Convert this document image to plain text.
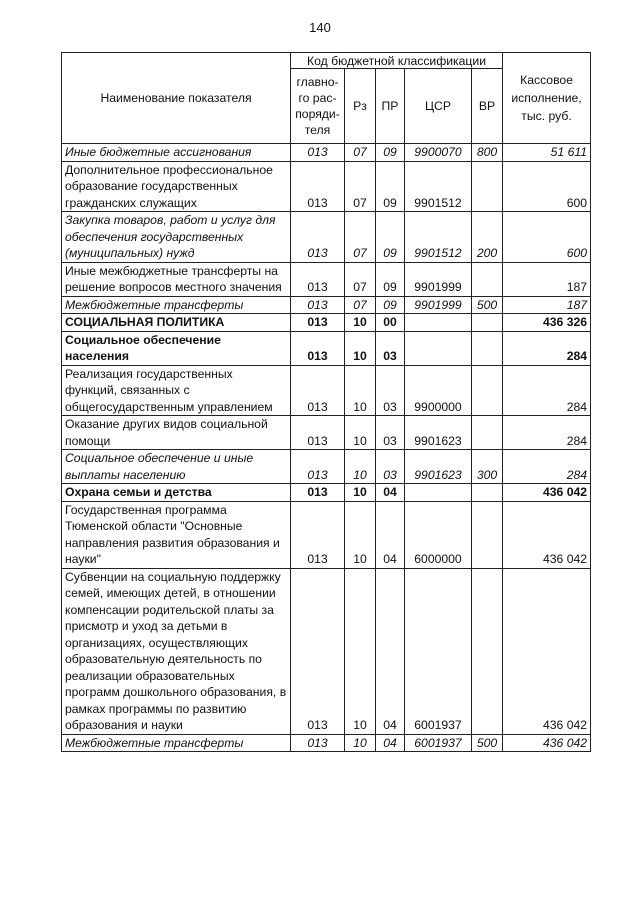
140
Наименование показателя	Код бюджетной классификации					Кассовое исполнение, тыс. руб.
	главно-го рас-поряди-теля	Рз	ПР	ЦСР	ВР	
Иные бюджетные ассигнования	013	07	09	9900070	800	51 611
Дополнительное профессиональное образование государственных гражданских служащих	013	07	09	9901512		600
Закупка товаров, работ и услуг для обеспечения государственных (муниципальных) нужд	013	07	09	9901512	200	600
Иные межбюджетные трансферты на решение вопросов местного значения	013	07	09	9901999		187
Межбюджетные трансферты	013	07	09	9901999	500	187
СОЦИАЛЬНАЯ ПОЛИТИКА	013	10	00			436 326
Социальное обеспечение населения	013	10	03			284
Реализация государственных функций, связанных с общегосударственным управлением	013	10	03	9900000		284
Оказание других видов социальной помощи	013	10	03	9901623		284
Социальное обеспечение и иные выплаты населению	013	10	03	9901623	300	284
Охрана семьи и детства	013	10	04			436 042
Государственная программа Тюменской области "Основные направления развития образования и науки"	013	10	04	6000000		436 042
Субвенции на социальную поддержку семей, имеющих детей, в отношении компенсации родительской платы за присмотр и уход за детьми в организациях, осуществляющих образовательную деятельность по реализации образовательных программ дошкольного образования, в рамках программы по развитию образования и науки	013	10	04	6001937		436 042
Межбюджетные трансферты	013	10	04	6001937	500	436 042
